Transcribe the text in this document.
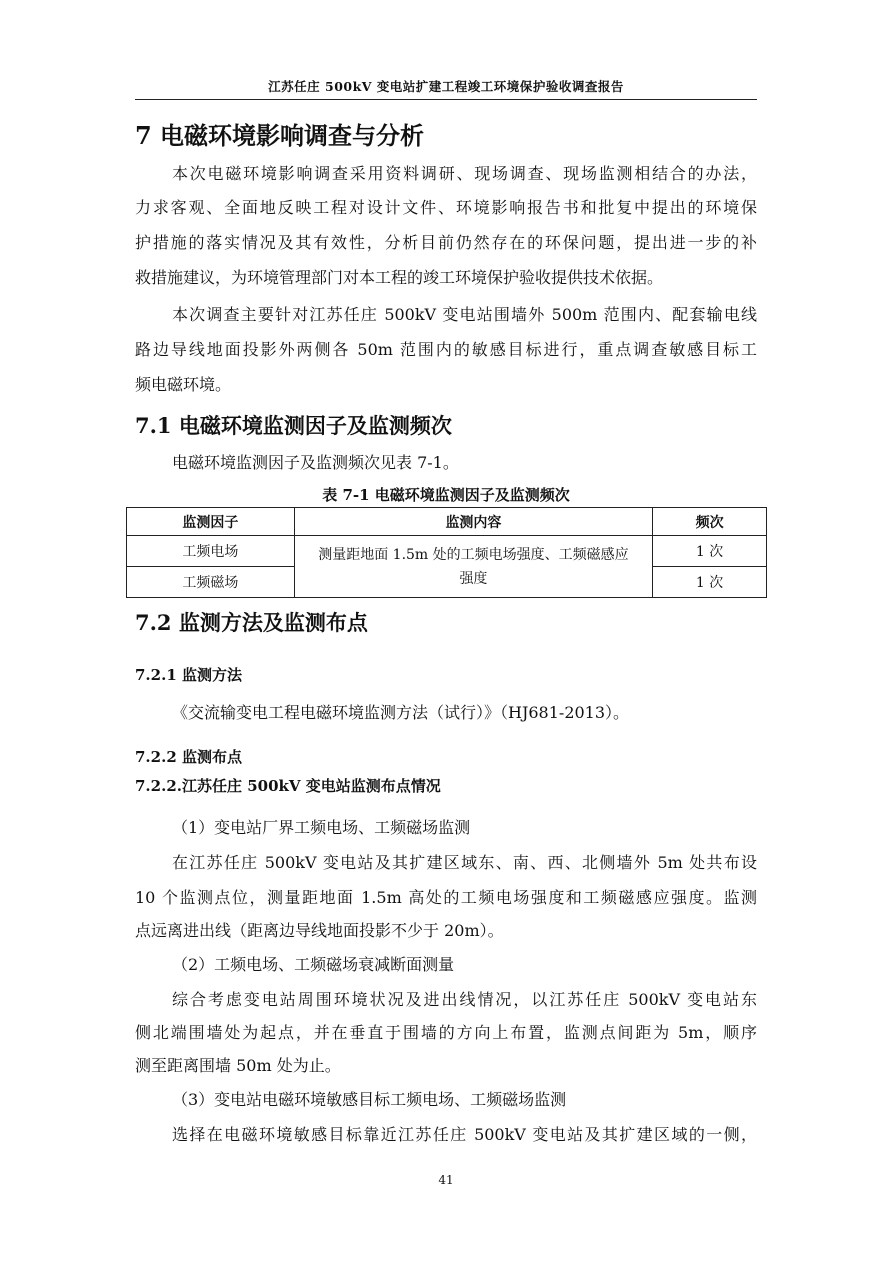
江苏任庄 500kV 变电站扩建工程竣工环境保护验收调查报告
7 电磁环境影响调查与分析
本次电磁环境影响调查采用资料调研、现场调查、现场监测相结合的办法，
力求客观、全面地反映工程对设计文件、环境影响报告书和批复中提出的环境保
护措施的落实情况及其有效性，分析目前仍然存在的环保问题，提出进一步的补
救措施建议，为环境管理部门对本工程的竣工环境保护验收提供技术依据。
本次调查主要针对江苏任庄 500kV 变电站围墙外 500m 范围内、配套输电线
路边导线地面投影外两侧各 50m 范围内的敏感目标进行，重点调查敏感目标工
频电磁环境。
7.1 电磁环境监测因子及监测频次
电磁环境监测因子及监测频次见表 7-1。
表 7-1 电磁环境监测因子及监测频次
监测因子	监测内容	频次
工频电场	测量距地面 1.5m 处的工频电场强度、工频磁感应
强度	1 次
工频磁场		1 次
7.2 监测方法及监测布点
7.2.1 监测方法
《交流输变电工程电磁环境监测方法（试行）》（HJ681-2013）。
7.2.2 监测布点
7.2.2.江苏任庄 500kV 变电站监测布点情况
（1）变电站厂界工频电场、工频磁场监测
在江苏任庄 500kV 变电站及其扩建区域东、南、西、北侧墙外 5m 处共布设
10 个监测点位，测量距地面 1.5m 高处的工频电场强度和工频磁感应强度。监测
点远离进出线（距离边导线地面投影不少于 20m）。
（2）工频电场、工频磁场衰减断面测量
综合考虑变电站周围环境状况及进出线情况，以江苏任庄 500kV 变电站东
侧北端围墙处为起点，并在垂直于围墙的方向上布置，监测点间距为 5m，顺序
测至距离围墙 50m 处为止。
（3）变电站电磁环境敏感目标工频电场、工频磁场监测
选择在电磁环境敏感目标靠近江苏任庄 500kV 变电站及其扩建区域的一侧，
41
